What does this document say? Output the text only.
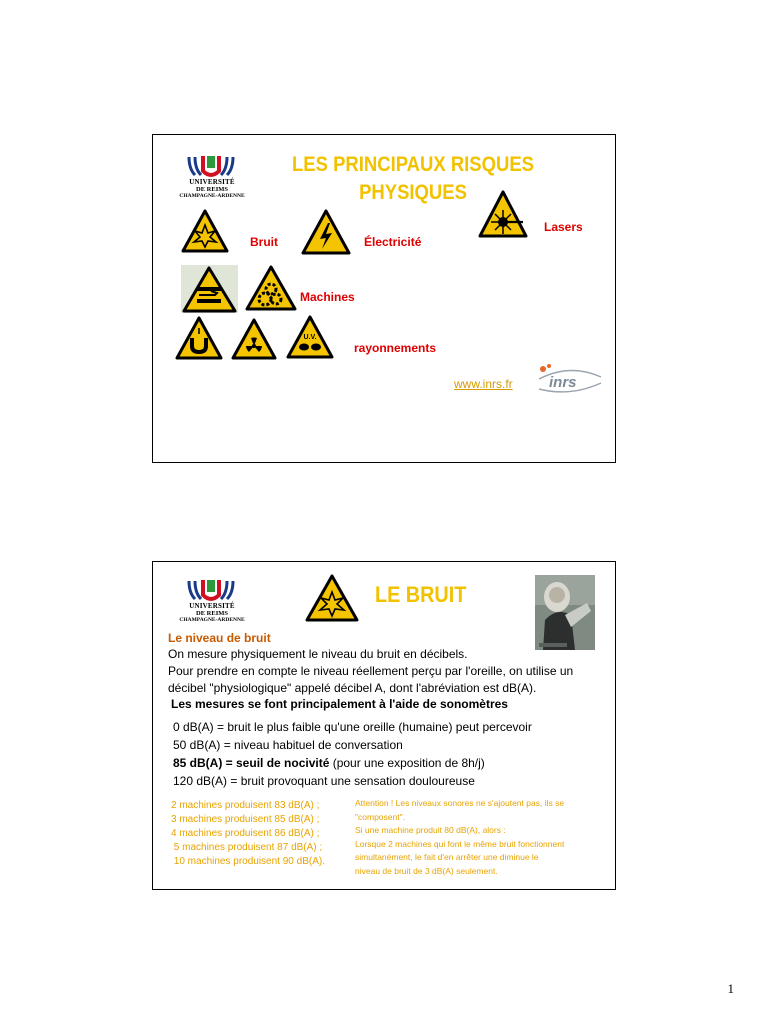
UNIVERSITÉ
DE REIMS
CHAMPAGNE-ARDENNE
LES PRINCIPAUX RISQUES
PHYSIQUES
Bruit	Électricité
Lasers
Machines
U.V.
rayonnements
www.inrs.fr inrs
UNIVERSITÉ
DE REIMS
CHAMPAGNE-ARDENNE
LE BRUIT
Le niveau de bruit
On mesure physiquement le niveau du bruit en décibels.
Pour prendre en compte le niveau réellement perçu par l'oreille, on utilise un décibel "physiologique" appelé décibel A, dont l'abréviation est dB(A).
Les mesures se font principalement à l'aide de sonomètres
0 dB(A) = bruit le plus faible qu'une oreille (humaine) peut percevoir
50 dB(A) = niveau habituel de conversation
85 dB(A) = seuil de nocivité (pour une exposition de 8h/j)
120 dB(A) = bruit provoquant une sensation douloureuse
2 machines produisent 83 dB(A) ;
3 machines produisent 85 dB(A) ;
4 machines produisent 86 dB(A) ;
5 machines produisent 87 dB(A) ;
10 machines produisent 90 dB(A).
Attention ! Les niveaux sonores ne s'ajoutent pas, ils se
"composent".
Si une machine produit 80 dB(A), alors :
Lorsque 2 machines qui font le même bruit fonctionnent
simultanément, le fait d'en arrêter une diminue le
niveau de bruit de 3 dB(A) seulement.
1
